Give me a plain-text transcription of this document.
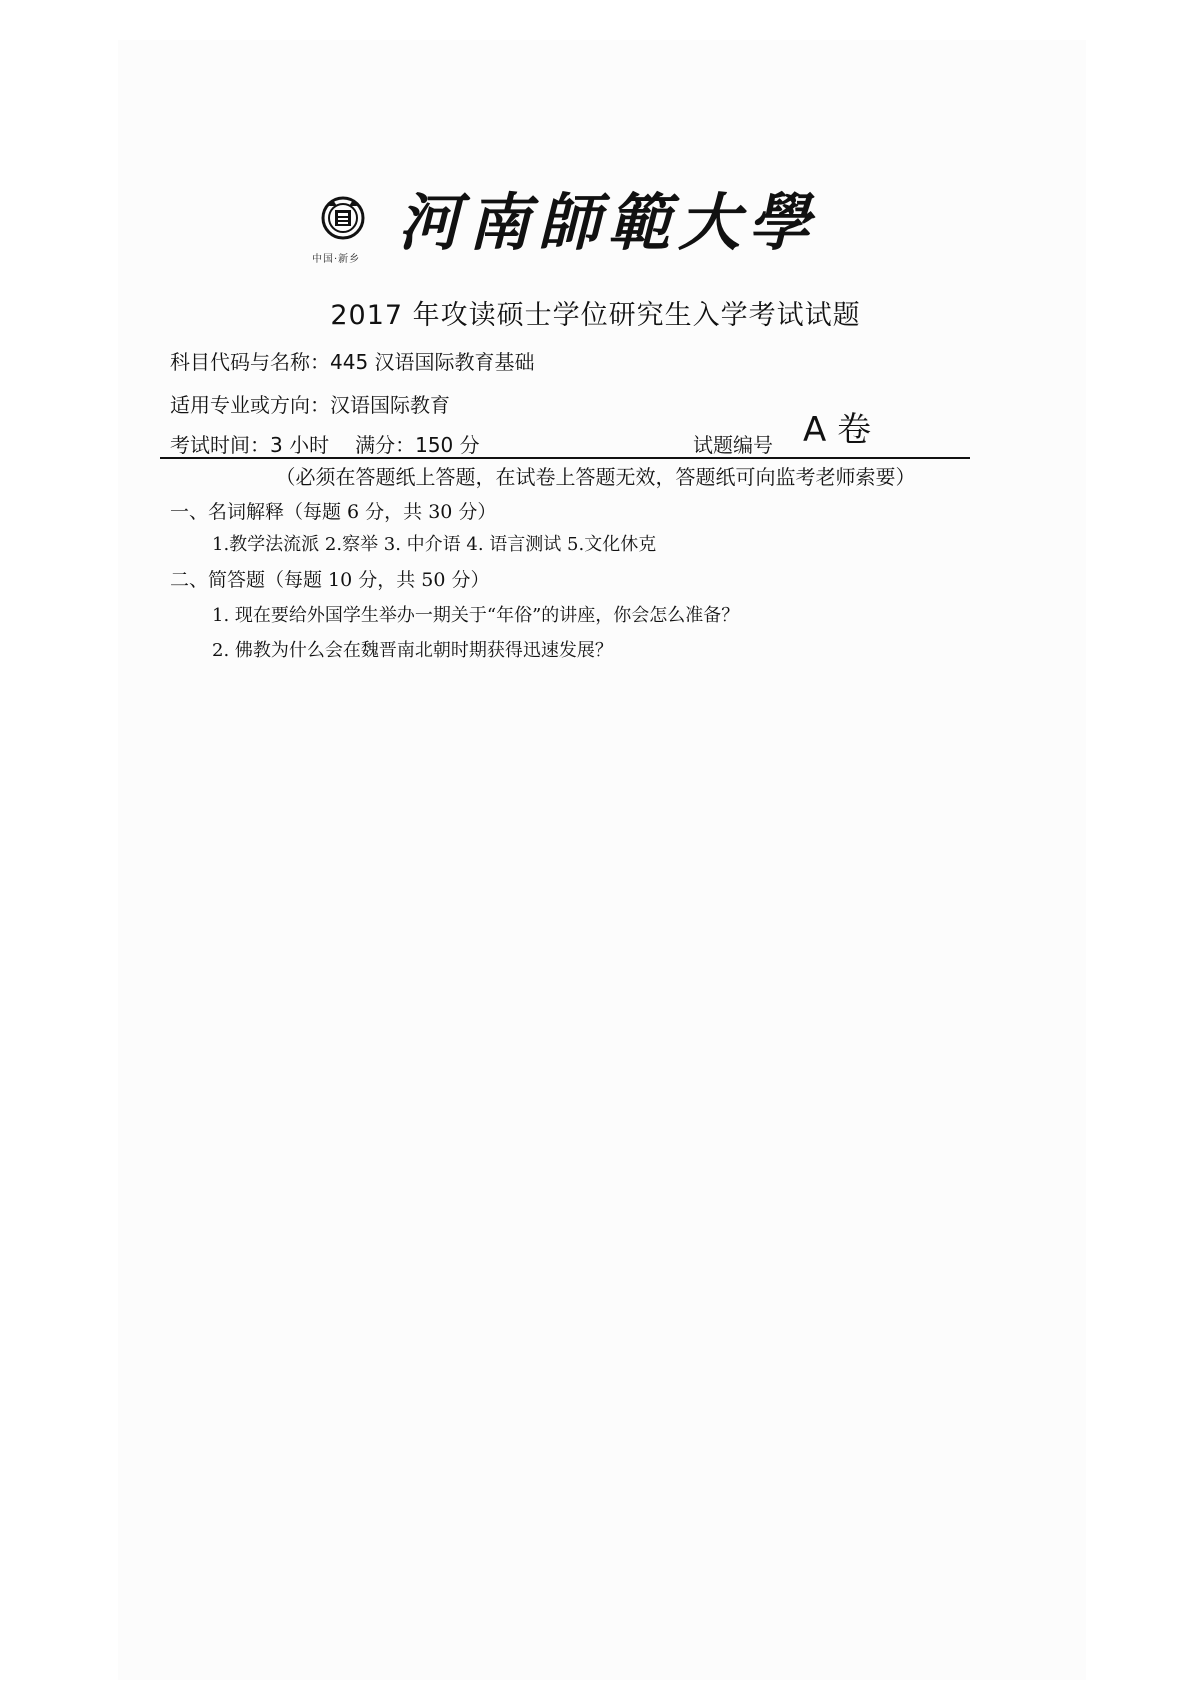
中国·新乡
河南師範大學
2017 年攻读硕士学位研究生入学考试试题
科目代码与名称：445 汉语国际教育基础
适用专业或方向：汉语国际教育
考试时间：3 小时 满分：150 分	试题编号 A 卷
（必须在答题纸上答题，在试卷上答题无效，答题纸可向监考老师索要）
一、名词解释（每题 6 分，共 30 分）
1.教学法流派 2.察举 3. 中介语 4. 语言测试 5.文化休克
二、简答题（每题 10 分，共 50 分）
1. 现在要给外国学生举办一期关于“年俗”的讲座，你会怎么准备？
2. 佛教为什么会在魏晋南北朝时期获得迅速发展？
